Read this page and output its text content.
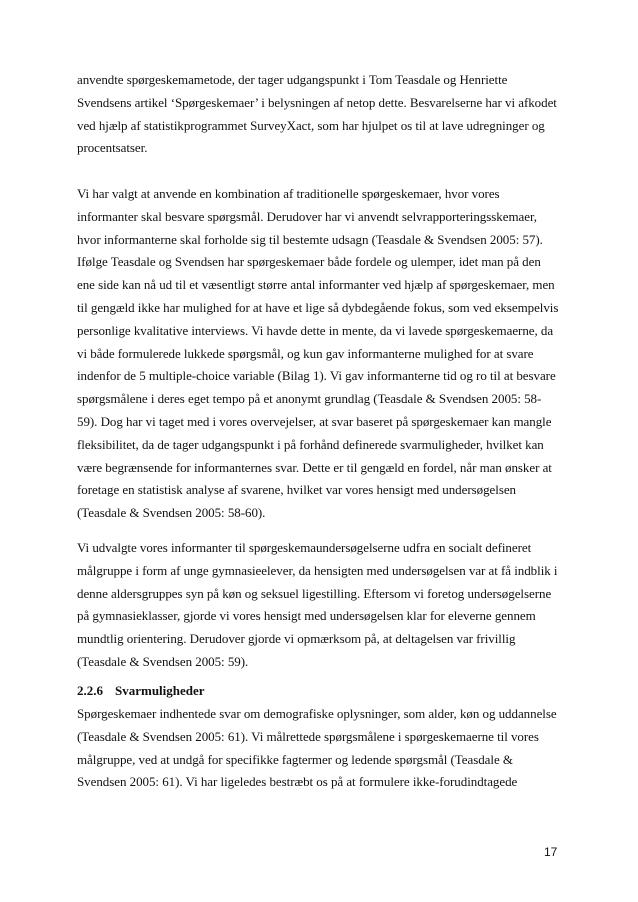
anvendte spørgeskemametode, der tager udgangspunkt i Tom Teasdale og Henriette
Svendsens artikel ‘Spørgeskemaer’ i belysningen af netop dette. Besvarelserne har vi afkodet
ved hjælp af statistikprogrammet SurveyXact, som har hjulpet os til at lave udregninger og
procentsatser.
Vi har valgt at anvende en kombination af traditionelle spørgeskemaer, hvor vores
informanter skal besvare spørgsmål. Derudover har vi anvendt selvrapporteringsskemaer,
hvor informanterne skal forholde sig til bestemte udsagn (Teasdale & Svendsen 2005: 57).
Ifølge Teasdale og Svendsen har spørgeskemaer både fordele og ulemper, idet man på den
ene side kan nå ud til et væsentligt større antal informanter ved hjælp af spørgeskemaer, men
til gengæld ikke har mulighed for at have et lige så dybdegående fokus, som ved eksempelvis
personlige kvalitative interviews. Vi havde dette in mente, da vi lavede spørgeskemaerne, da
vi både formulerede lukkede spørgsmål, og kun gav informanterne mulighed for at svare
indenfor de 5 multiple-choice variable (Bilag 1). Vi gav informanterne tid og ro til at besvare
spørgsmålene i deres eget tempo på et anonymt grundlag (Teasdale & Svendsen 2005: 58-
59). Dog har vi taget med i vores overvejelser, at svar baseret på spørgeskemaer kan mangle
fleksibilitet, da de tager udgangspunkt i på forhånd definerede svarmuligheder, hvilket kan
være begrænsende for informanternes svar. Dette er til gengæld en fordel, når man ønsker at
foretage en statistisk analyse af svarene, hvilket var vores hensigt med undersøgelsen
(Teasdale & Svendsen 2005: 58-60).
Vi udvalgte vores informanter til spørgeskemaundersøgelserne udfra en socialt defineret
målgruppe i form af unge gymnasieelever, da hensigten med undersøgelsen var at få indblik i
denne aldersgruppes syn på køn og seksuel ligestilling. Eftersom vi foretog undersøgelserne
på gymnasieklasser, gjorde vi vores hensigt med undersøgelsen klar for eleverne gennem
mundtlig orientering. Derudover gjorde vi opmærksom på, at deltagelsen var frivillig
(Teasdale & Svendsen 2005: 59).
2.2.6 Svarmuligheder
Spørgeskemaer indhentede svar om demografiske oplysninger, som alder, køn og uddannelse
(Teasdale & Svendsen 2005: 61). Vi målrettede spørgsmålene i spørgeskemaerne til vores
målgruppe, ved at undgå for specifikke fagtermer og ledende spørgsmål (Teasdale &
Svendsen 2005: 61). Vi har ligeledes bestræbt os på at formulere ikke-forudindtagede
17
